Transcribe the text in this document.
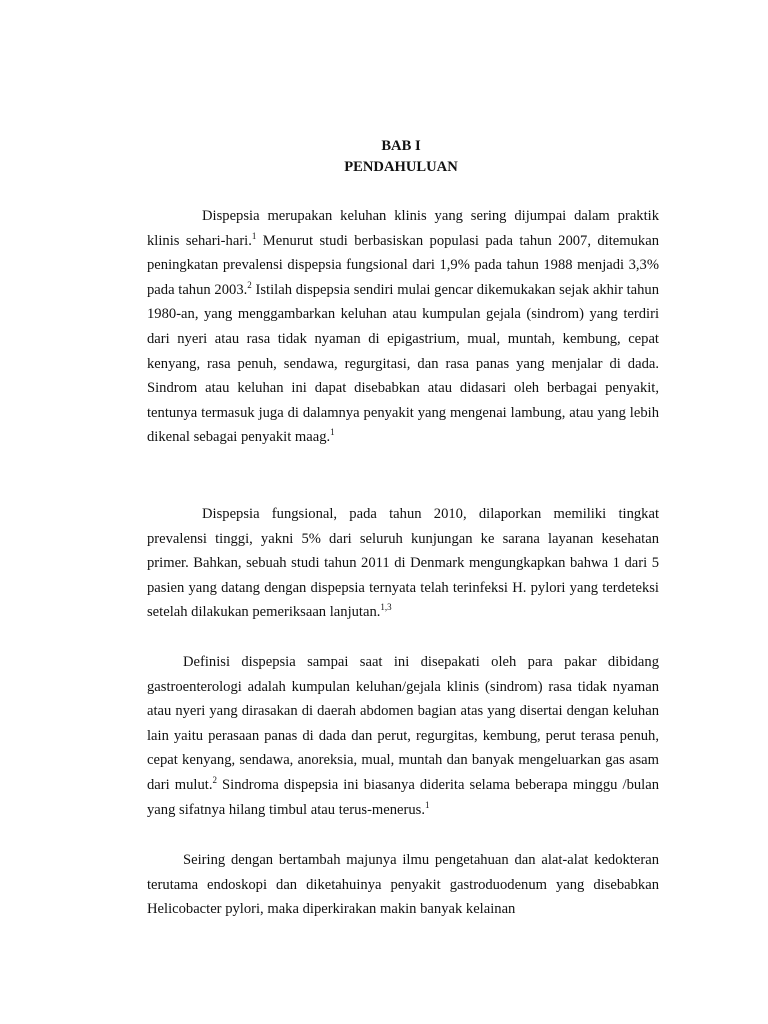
BAB I
PENDAHULUAN

Dispepsia merupakan keluhan klinis yang sering dijumpai dalam praktik klinis sehari-hari.$^1$ Menurut studi berbasiskan populasi pada tahun 2007, ditemukan peningkatan prevalensi dispepsia fungsional dari 1,9% pada tahun 1988 menjadi 3,3% pada tahun 2003.$^2$ Istilah dispepsia sendiri mulai gencar dikemukakan sejak akhir tahun 1980-an, yang menggambarkan keluhan atau kumpulan gejala (sindrom) yang terdiri dari nyeri atau rasa tidak nyaman di epigastrium, mual, muntah, kembung, cepat kenyang, rasa penuh, sendawa, regurgitasi, dan rasa panas yang menjalar di dada. Sindrom atau keluhan ini dapat disebabkan atau didasari oleh berbagai penyakit, tentunya termasuk juga di dalamnya penyakit yang mengenai lambung, atau yang lebih dikenal sebagai penyakit maag.$^1$

Dispepsia fungsional, pada tahun 2010, dilaporkan memiliki tingkat prevalensi tinggi, yakni 5% dari seluruh kunjungan ke sarana layanan kesehatan primer. Bahkan, sebuah studi tahun 2011 di Denmark mengungkapkan bahwa 1 dari 5 pasien yang datang dengan dispepsia ternyata telah terinfeksi H. pylori yang terdeteksi setelah dilakukan pemeriksaan lanjutan.$^{1,3}$

Definisi dispepsia sampai saat ini disepakati oleh para pakar dibidang gastroenterologi adalah kumpulan keluhan/gejala klinis (sindrom) rasa tidak nyaman atau nyeri yang dirasakan di daerah abdomen bagian atas yang disertai dengan keluhan lain yaitu perasaan panas di dada dan perut, regurgitas, kembung, perut terasa penuh, cepat kenyang, sendawa, anoreksia, mual, muntah dan banyak mengeluarkan gas asam dari mulut.$^2$ Sindroma dispepsia ini biasanya diderita selama beberapa minggu /bulan yang sifatnya hilang timbul atau terus-menerus.$^1$

Seiring dengan bertambah majunya ilmu pengetahuan dan alat-alat kedokteran terutama endoskopi dan diketahuinya penyakit gastroduodenum yang disebabkan Helicobacter pylori, maka diperkirakan makin banyak kelainan
